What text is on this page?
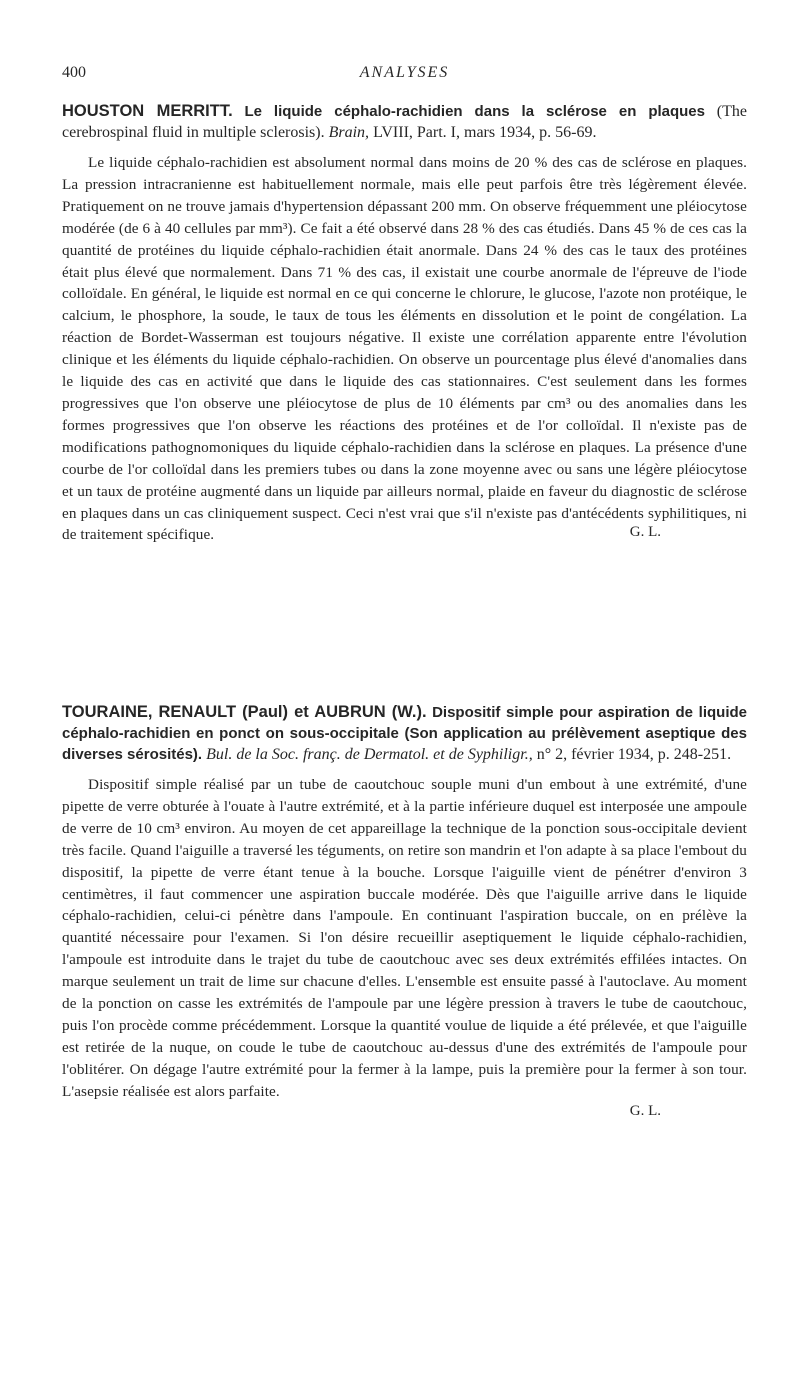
400	ANALYSES

HOUSTON MERRITT. Le liquide céphalo-rachidien dans la sclérose en plaques (The cerebrospinal fluid in multiple sclerosis). Brain, LVIII, Part. I, mars 1934, p. 56-69.

Le liquide céphalo-rachidien est absolument normal dans moins de 20 % des cas de sclérose en plaques. La pression intracranienne est habituellement normale, mais elle peut parfois être très légèrement élevée. Pratiquement on ne trouve jamais d'hypertension dépassant 200 mm. On observe fréquemment une pléiocytose modérée (de 6 à 40 cellules par mm³). Ce fait a été observé dans 28 % des cas étudiés. Dans 45 % de ces cas la quantité de protéines du liquide céphalo-rachidien était anormale. Dans 24 % des cas le taux des protéines était plus élevé que normalement. Dans 71 % des cas, il existait une courbe anormale de l'épreuve de l'iode colloïdale. En général, le liquide est normal en ce qui concerne le chlorure, le glucose, l'azote non protéique, le calcium, le phosphore, la soude, le taux de tous les éléments en dissolution et le point de congélation. La réaction de Bordet-Wasserman est toujours négative. Il existe une corrélation apparente entre l'évolution clinique et les éléments du liquide céphalo-rachidien. On observe un pourcentage plus élevé d'anomalies dans le liquide des cas en activité que dans le liquide des cas stationnaires. C'est seulement dans les formes progressives que l'on observe une pléiocytose de plus de 10 éléments par cm³ ou des anomalies dans les formes progressives que l'on observe les réactions des protéines et de l'or colloïdal. Il n'existe pas de modifications pathognomoniques du liquide céphalo-rachidien dans la sclérose en plaques. La présence d'une courbe de l'or colloïdal dans les premiers tubes ou dans la zone moyenne avec ou sans une légère pléiocytose et un taux de protéine augmenté dans un liquide par ailleurs normal, plaide en faveur du diagnostic de sclérose en plaques dans un cas cliniquement suspect. Ceci n'est vrai que s'il n'existe pas d'antécédents syphilitiques, ni de traitement spécifique.	G. L.

TOURAINE, RENAULT (Paul) et AUBRUN (W.). Dispositif simple pour aspiration de liquide céphalo-rachidien en ponct on sous-occipitale (Son application au prélèvement aseptique des diverses sérosités). Bul. de la Soc. franç. de Dermatol. et de Syphiligr., n° 2, février 1934, p. 248-251.

Dispositif simple réalisé par un tube de caoutchouc souple muni d'un embout à une extrémité, d'une pipette de verre obturée à l'ouate à l'autre extrémité, et à la partie inférieure duquel est interposée une ampoule de verre de 10 cm³ environ. Au moyen de cet appareillage la technique de la ponction sous-occipitale devient très facile. Quand l'aiguille a traversé les téguments, on retire son mandrin et l'on adapte à sa place l'embout du dispositif, la pipette de verre étant tenue à la bouche. Lorsque l'aiguille vient de pénétrer d'environ 3 centimètres, il faut commencer une aspiration buccale modérée. Dès que l'aiguille arrive dans le liquide céphalo-rachidien, celui-ci pénètre dans l'ampoule. En continuant l'aspiration buccale, on en prélève la quantité nécessaire pour l'examen. Si l'on désire recueillir aseptiquement le liquide céphalo-rachidien, l'ampoule est introduite dans le trajet du tube de caoutchouc avec ses deux extrémités effilées intactes. On marque seulement un trait de lime sur chacune d'elles. L'ensemble est ensuite passé à l'autoclave. Au moment de la ponction on casse les extrémités de l'ampoule par une légère pression à travers le tube de caoutchouc, puis l'on procède comme précédemment. Lorsque la quantité voulue de liquide a été prélevée, et que l'aiguille est retirée de la nuque, on coude le tube de caoutchouc au-dessus d'une des extrémités de l'ampoule pour l'oblitérer. On dégage l'autre extrémité pour la fermer à la lampe, puis la première pour la fermer à son tour. L'asepsie réalisée est alors parfaite.

G. L.
